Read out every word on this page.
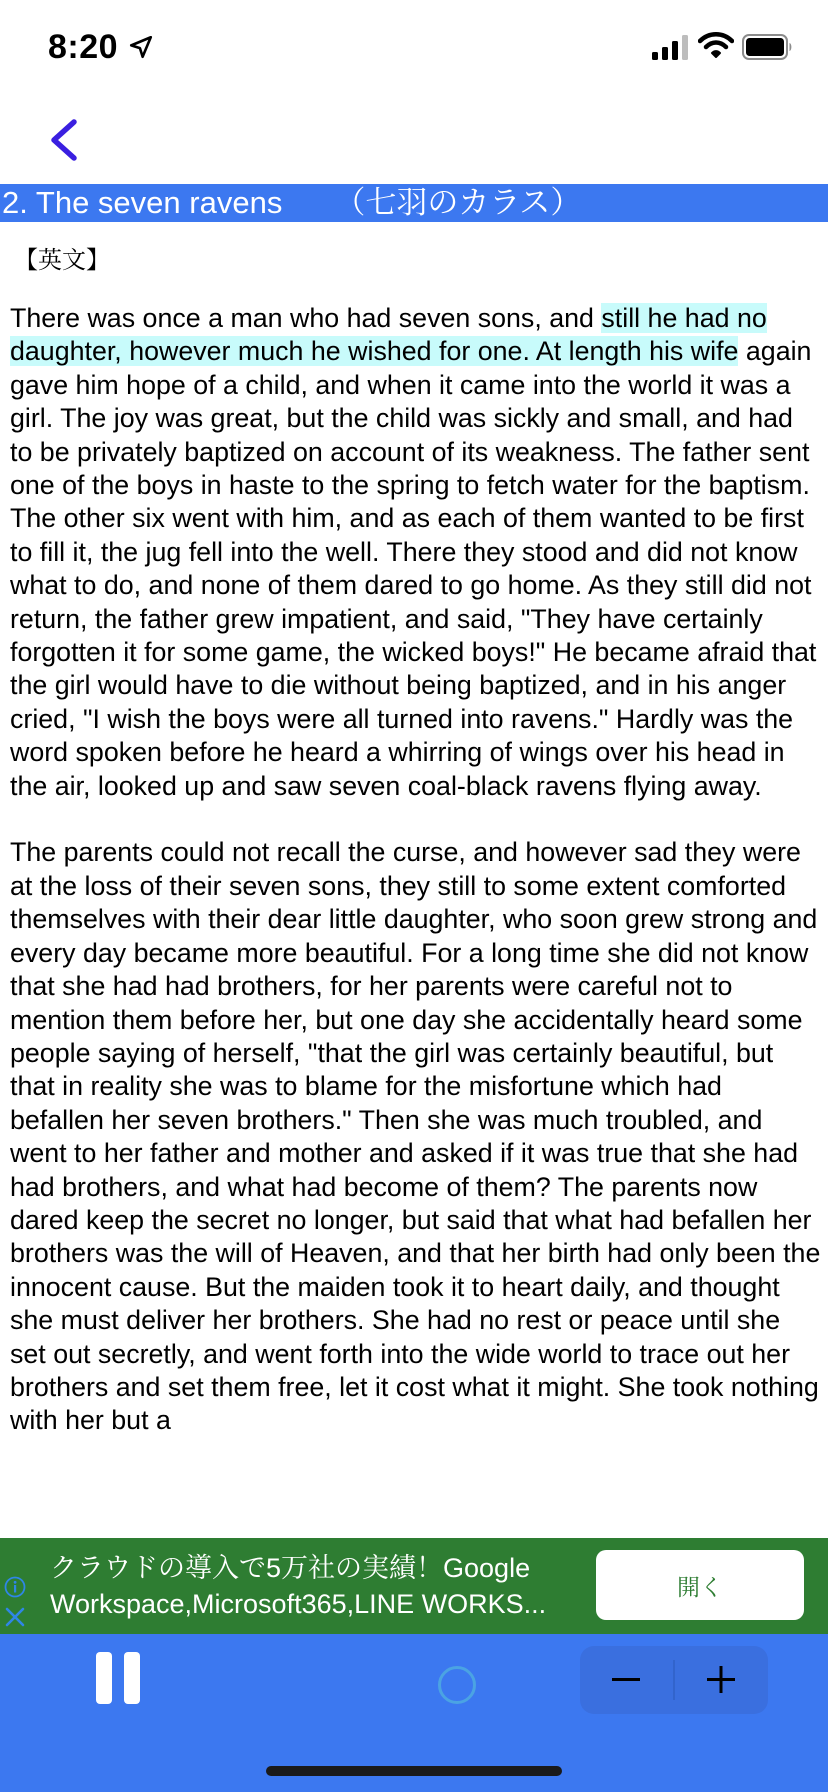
8:20
2. The seven ravens （七羽のカラス）
【英文】

There was once a man who had seven sons, and still he had no daughter, however much he wished for one. At length his wife again gave him hope of a child, and when it came into the world it was a girl. The joy was great, but the child was sickly and small, and had to be privately baptized on account of its weakness. The father sent one of the boys in haste to the spring to fetch water for the baptism. The other six went with him, and as each of them wanted to be first to fill it, the jug fell into the well. There they stood and did not know what to do, and none of them dared to go home. As they still did not return, the father grew impatient, and said, "They have certainly forgotten it for some game, the wicked boys!" He became afraid that the girl would have to die without being baptized, and in his anger cried, "I wish the boys were all turned into ravens." Hardly was the word spoken before he heard a whirring of wings over his head in the air, looked up and saw seven coal-black ravens flying away.

The parents could not recall the curse, and however sad they were at the loss of their seven sons, they still to some extent comforted themselves with their dear little daughter, who soon grew strong and every day became more beautiful. For a long time she did not know that she had had brothers, for her parents were careful not to mention them before her, but one day she accidentally heard some people saying of herself, "that the girl was certainly beautiful, but that in reality she was to blame for the misfortune which had befallen her seven brothers." Then she was much troubled, and went to her father and mother and asked if it was true that she had had brothers, and what had become of them? The parents now dared keep the secret no longer, but said that what had befallen her brothers was the will of Heaven, and that her birth had only been the innocent cause. But the maiden took it to heart daily, and thought she must deliver her brothers. She had no rest or peace until she set out secretly, and went forth into the wide world to trace out her brothers and set them free, let it cost what it might. She took nothing with her but a

クラウドの導入で5万社の実績！Google
Workspace,Microsoft365,LINE WORKS...
開く
